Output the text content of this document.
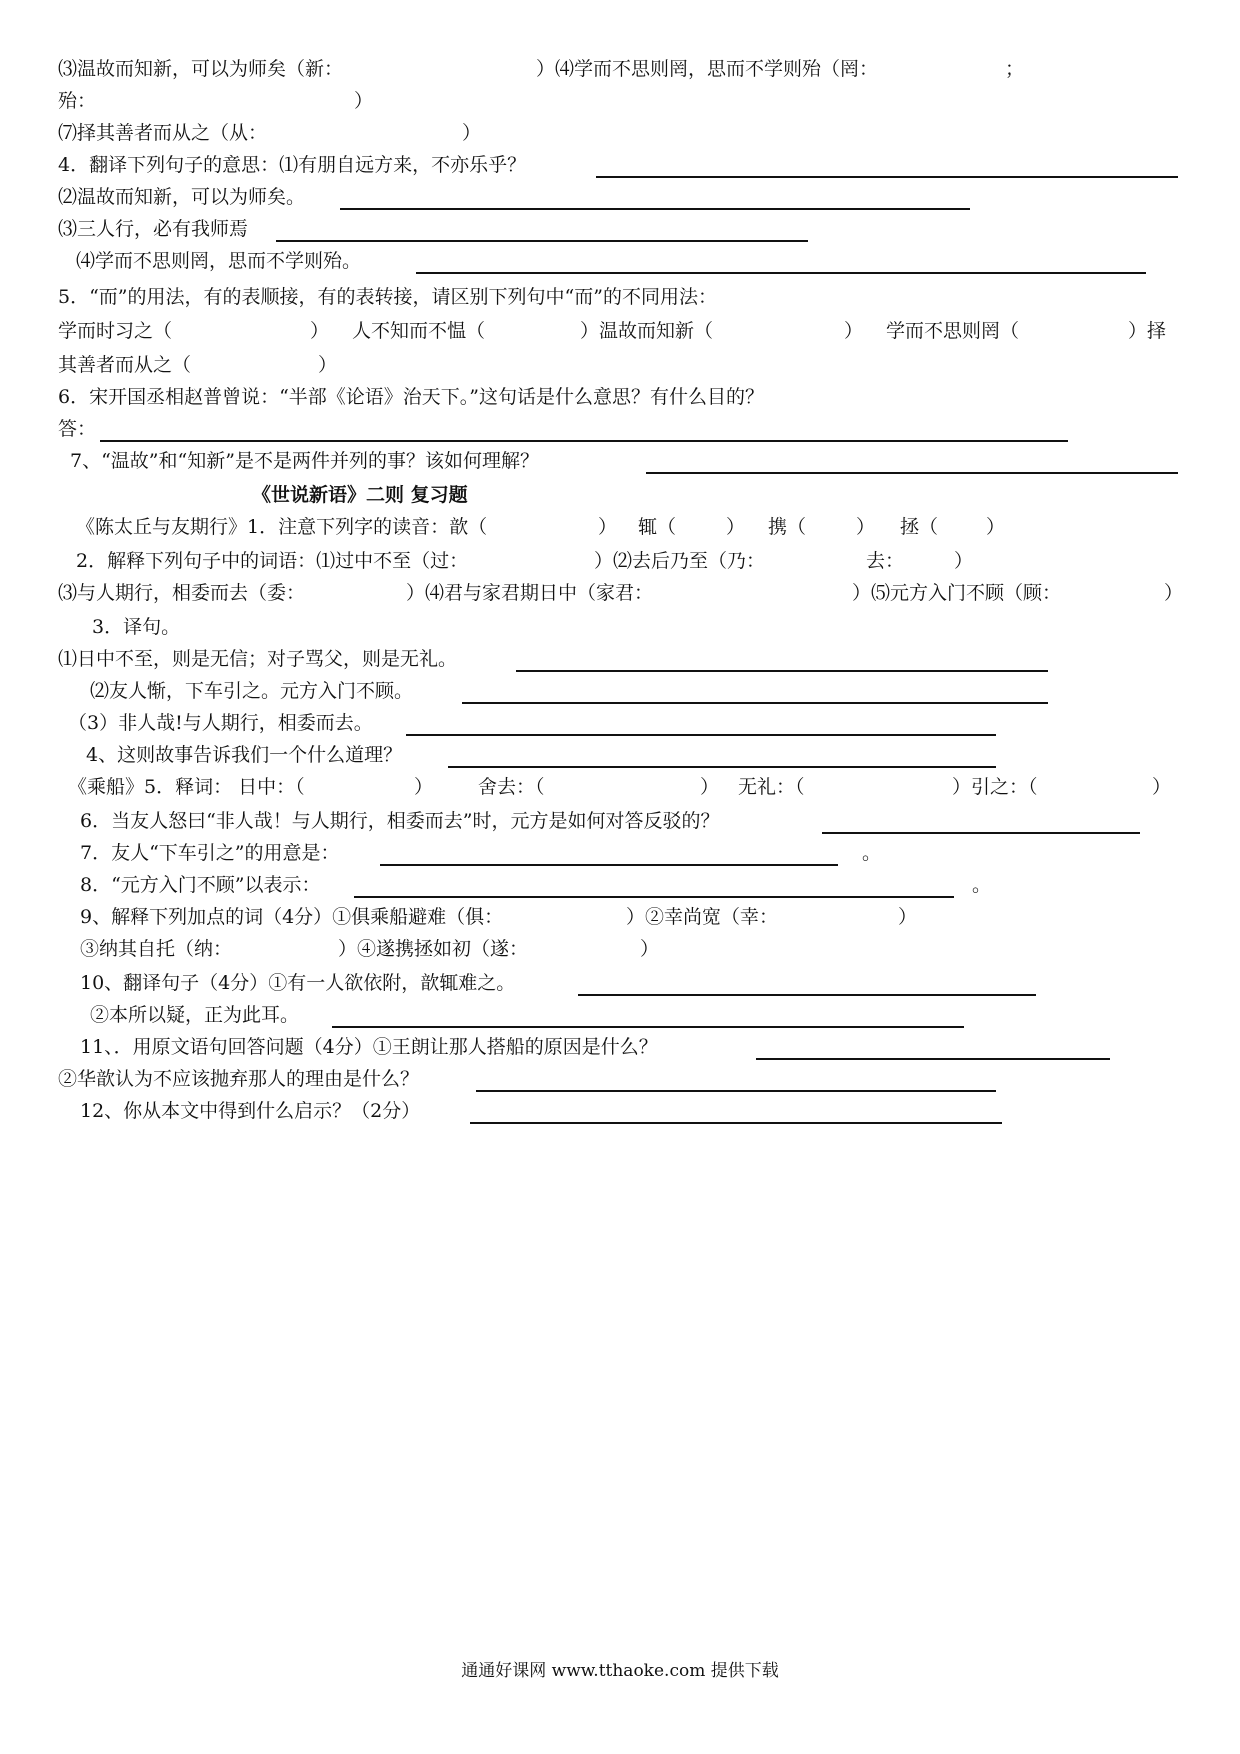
⑶温故而知新，可以为师矣（新：	）⑷学而不思则罔，思而不学则殆（罔：	；
殆：	）
⑺择其善者而从之（从：	）
4．翻译下列句子的意思：⑴有朋自远方来，不亦乐乎？
⑵温故而知新，可以为师矣。
⑶三人行，必有我师焉
⑷学而不思则罔，思而不学则殆。
5．“而”的用法，有的表顺接，有的表转接，请区别下列句中“而”的不同用法：
学而时习之（	） 人不知而不愠（	）温故而知新（	） 学而不思则罔（	）择
其善者而从之（	）
6．宋开国丞相赵普曾说：“半部《论语》治天下。”这句话是什么意思？有什么目的？
答：
7、“温故”和“知新”是不是两件并列的事？该如何理解？
《世说新语》二则 复习题
《陈太丘与友期行》1．注意下列字的读音：歆（	） 辄（	） 携（	） 拯（	）
2．解释下列句子中的词语：⑴过中不至（过：	）⑵去后乃至（乃：	去：	）
⑶与人期行，相委而去（委：	）⑷君与家君期日中（家君：	）⑸元方入门不顾（顾：	）
3．译句。
⑴日中不至，则是无信；对子骂父，则是无礼。
⑵友人惭，下车引之。元方入门不顾。
（3）非人哉!与人期行，相委而去。
4、这则故事告诉我们一个什么道理？
《乘船》5．释词： 日中：（	） 舍去：（	） 无礼：（	）引之：（	）
6．当友人怒曰“非人哉！与人期行，相委而去”时，元方是如何对答反驳的？
7．友人“下车引之”的用意是：	。
8．“元方入门不顾”以表示：	。
9、解释下列加点的词（4分）①俱乘船避难（俱：	）②幸尚宽（幸：	）
③纳其自托（纳：	）④遂携拯如初（遂：	）
10、翻译句子（4分）①有一人欲依附，歆辄难之。
②本所以疑，正为此耳。
11、．用原文语句回答问题（4分）①王朗让那人搭船的原因是什么？
②华歆认为不应该抛弃那人的理由是什么？
12、你从本文中得到什么启示？（2分）
通通好课网 www.tthaoke.com 提供下载
